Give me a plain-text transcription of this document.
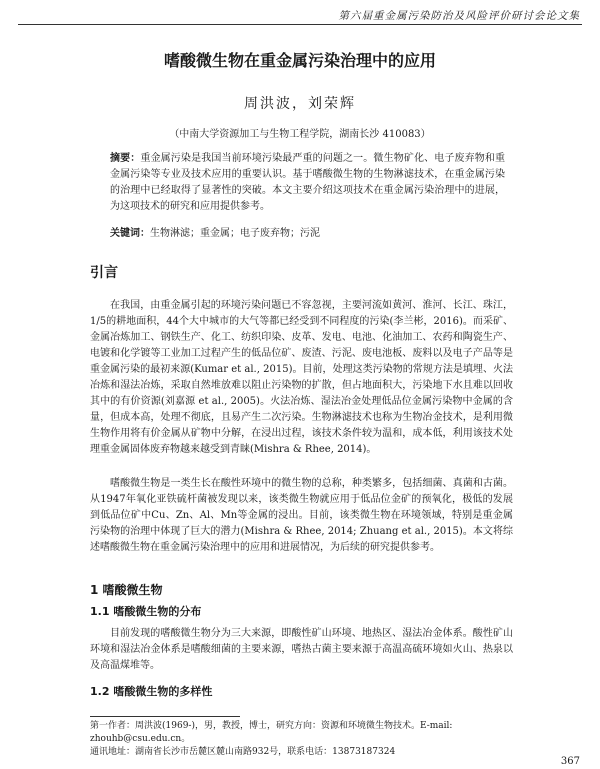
第六届重金属污染防治及风险评价研讨会论文集
嗜酸微生物在重金属污染治理中的应用
周洪波，刘荣辉
（中南大学资源加工与生物工程学院，湖南长沙 410083）

摘要：重金属污染是我国当前环境污染最严重的问题之一。微生物矿化、电子废弃物和重金属污染等专业及技术应用的重要认识。基于嗜酸微生物的生物淋滤技术，在重金属污染的治理中已经取得了显著性的突破。本文主要介绍这项技术在重金属污染治理中的进展，为这项技术的研究和应用提供参考。

关键词：生物淋滤；重金属；电子废弃物；污泥

引言

在我国，由重金属引起的环境污染问题已不容忽视，主要河流如黄河、淮河、长江、珠江，1/5的耕地面积，44个大中城市的大气等都已经受到不同程度的污染(李兰彬，2016)。而采矿、金属冶炼加工、钢铁生产、化工、纺织印染、皮革、发电、电池、化油加工、农药和陶瓷生产、电镀和化学镀等工业加工过程产生的低品位矿、废渣、污泥、废电池板、废料以及电子产品等是重金属污染的最初来源(Kumar et al., 2015)。目前，处理这类污染物的常规方法是填埋、火法冶炼和湿法冶炼，采取自然堆放难以阻止污染物的扩散，但占地面积大，污染地下水且难以回收其中的有价资源(刘嘉源 et al., 2005)。火法冶炼、湿法冶金处理低品位金属污染物中金属的含量，但成本高，处理不彻底，且易产生二次污染。生物淋滤技术也称为生物冶金技术，是利用微生物作用将有价金属从矿物中分解，在浸出过程，该技术条件较为温和，成本低，利用该技术处理重金属固体废弃物越来越受到青睐(Mishra & Rhee, 2014)。

嗜酸微生物是一类生长在酸性环境中的微生物的总称，种类繁多，包括细菌、真菌和古菌。从1947年氧化亚铁硫杆菌被发现以来，该类微生物就应用于低品位金矿的预氧化，极低的发展到低品位矿中Cu、Zn、Al、Mn等金属的浸出。目前，该类微生物在环境领域，特别是重金属污染物的治理中体现了巨大的潜力(Mishra & Rhee, 2014; Zhuang et al., 2015)。本文将综述嗜酸微生物在重金属污染治理中的应用和进展情况，为后续的研究提供参考。

1 嗜酸微生物
1.1 嗜酸微生物的分布

目前发现的嗜酸微生物分为三大来源，即酸性矿山环境、地热区、湿法冶金体系。酸性矿山环境和湿法冶金体系是嗜酸细菌的主要来源，嗜热古菌主要来源于高温高硫环境如火山、热泉以及高温煤堆等。

1.2 嗜酸微生物的多样性

第一作者：周洪波(1969-)，男，教授，博士，研究方向：资源和环境微生物技术。E-mail: zhouhb@csu.edu.cn。
通讯地址：湖南省长沙市岳麓区麓山南路932号，联系电话：13873187324

367
